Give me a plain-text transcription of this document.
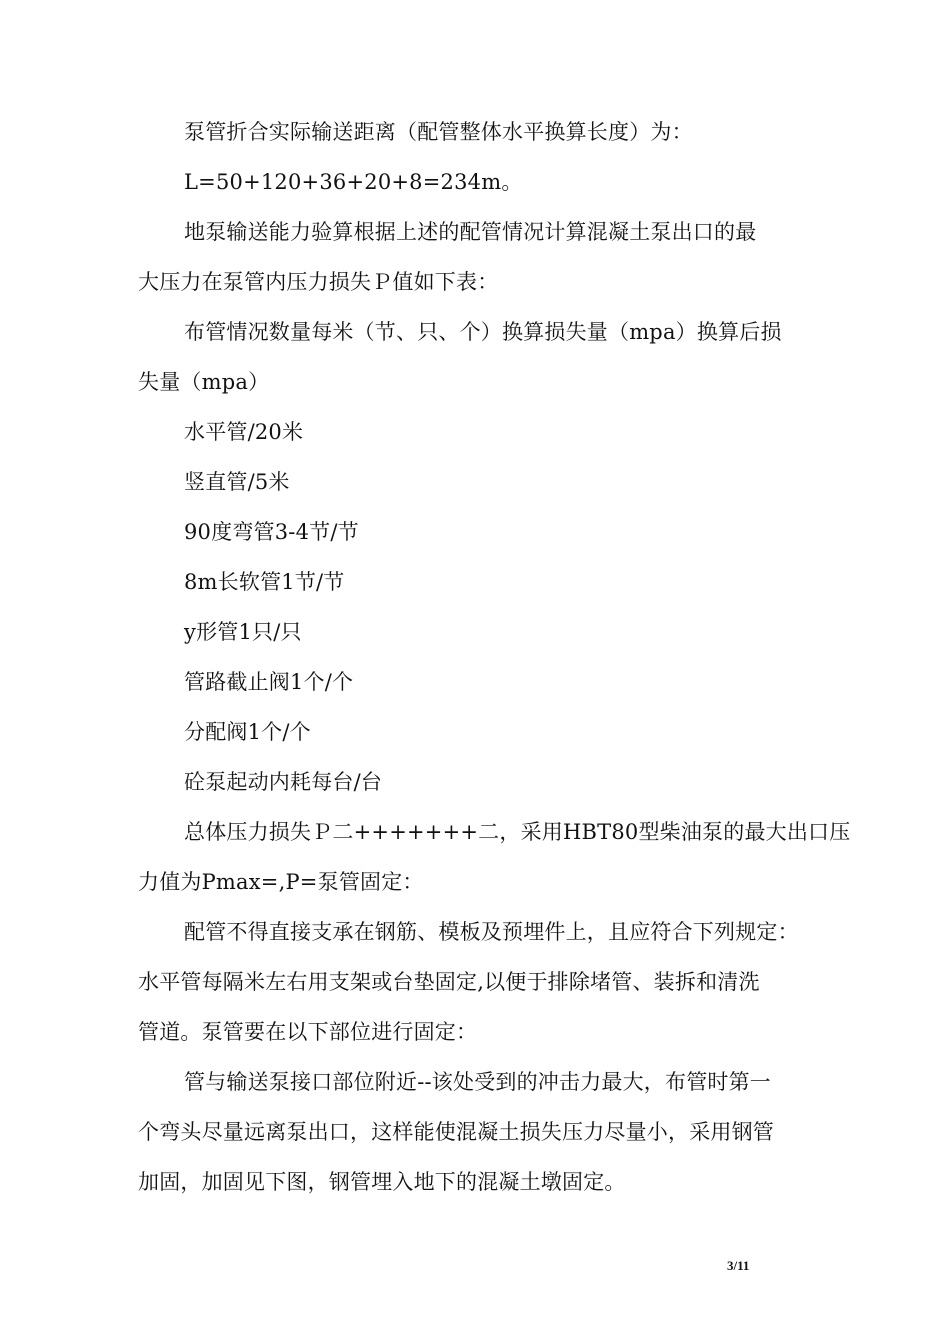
泵管折合实际输送距离（配管整体水平换算长度）为：
L=50+120+36+20+8=234m。
地泵输送能力验算根据上述的配管情况计算混凝土泵出口的最
大压力在泵管内压力损失Ｐ值如下表：
布管情况数量每米（节、只、个）换算损失量（mpa）换算后损
失量（mpa）
水平管/20米
竖直管/5米
90度弯管3-4节/节
8m长软管1节/节
y形管1只/只
管路截止阀1个/个
分配阀1个/个
砼泵起动内耗每台/台
总体压力损失Ｐ二+++++++二，采用HBT80型柴油泵的最大出口压
力值为Pmax=,P=泵管固定：
配管不得直接支承在钢筋、模板及预埋件上，且应符合下列规定：
水平管每隔米左右用支架或台垫固定,以便于排除堵管、装拆和清洗
管道。泵管要在以下部位进行固定：
管与输送泵接口部位附近--该处受到的冲击力最大，布管时第一
个弯头尽量远离泵出口，这样能使混凝土损失压力尽量小，采用钢管
加固，加固见下图，钢管埋入地下的混凝土墩固定。
3/11
